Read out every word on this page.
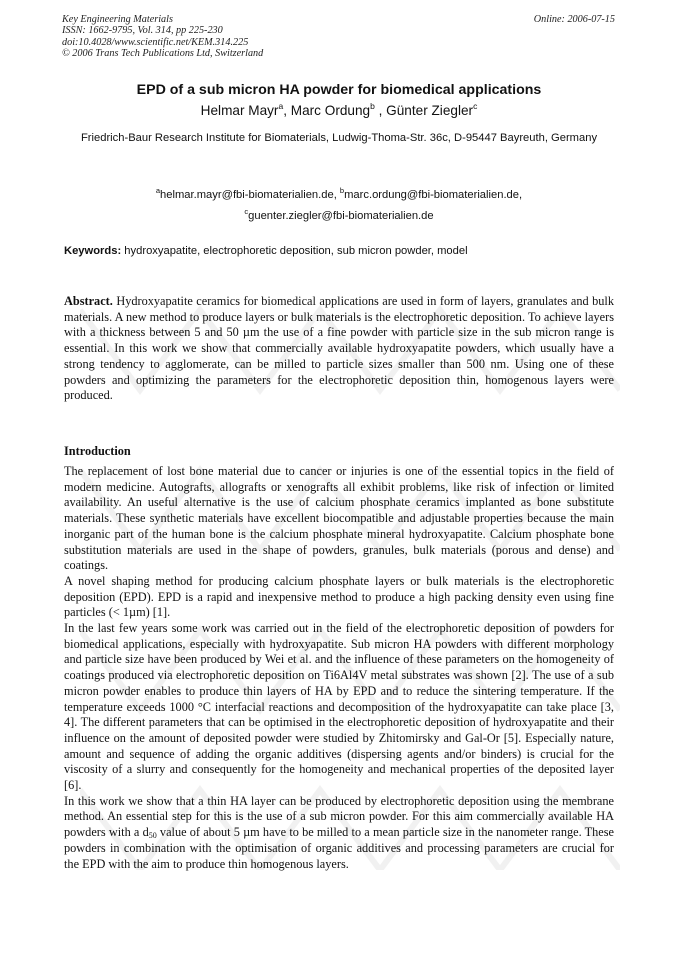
Key Engineering Materials
ISSN: 1662-9795, Vol. 314, pp 225-230
doi:10.4028/www.scientific.net/KEM.314.225
© 2006 Trans Tech Publications Ltd, Switzerland
Online: 2006-07-15
EPD of a sub micron HA powder for biomedical applications
Helmar Mayr$^a$, Marc Ordung$^b$ , Günter Ziegler$^c$
Friedrich-Baur Research Institute for Biomaterials, Ludwig-Thoma-Str. 36c, D-95447 Bayreuth, Germany
$^a$helmar.mayr@fbi-biomaterialien.de, $^b$marc.ordung@fbi-biomaterialien.de,
$^c$guenter.ziegler@fbi-biomaterialien.de
Keywords: hydroxyapatite, electrophoretic deposition, sub micron powder, model

Abstract. Hydroxyapatite ceramics for biomedical applications are used in form of layers, granulates and bulk materials. A new method to produce layers or bulk materials is the electrophoretic deposition. To achieve layers with a thickness between 5 and 50 µm the use of a fine powder with particle size in the sub micron range is essential. In this work we show that commercially available hydroxyapatite powders, which usually have a strong tendency to agglomerate, can be milled to particle sizes smaller than 500 nm. Using one of these powders and optimizing the parameters for the electrophoretic deposition thin, homogenous layers were produced.

Introduction

The replacement of lost bone material due to cancer or injuries is one of the essential topics in the field of modern medicine. Autografts, allografts or xenografts all exhibit problems, like risk of infection or limited availability. An useful alternative is the use of calcium phosphate ceramics implanted as bone substitute materials. These synthetic materials have excellent biocompatible and adjustable properties because the main inorganic part of the human bone is the calcium phosphate mineral hydroxyapatite. Calcium phosphate bone substitution materials are used in the shape of powders, granules, bulk materials (porous and dense) and coatings.

A novel shaping method for producing calcium phosphate layers or bulk materials is the electrophoretic deposition (EPD). EPD is a rapid and inexpensive method to produce a high packing density even using fine particles (< 1µm) [1].

In the last few years some work was carried out in the field of the electrophoretic deposition of powders for biomedical applications, especially with hydroxyapatite. Sub micron HA powders with different morphology and particle size have been produced by Wei et al. and the influence of these parameters on the homogeneity of coatings produced via electrophoretic deposition on Ti6Al4V metal substrates was shown [2]. The use of a sub micron powder enables to produce thin layers of HA by EPD and to reduce the sintering temperature. If the temperature exceeds 1000 °C interfacial reactions and decomposition of the hydroxyapatite can take place [3, 4]. The different parameters that can be optimised in the electrophoretic deposition of hydroxyapatite and their influence on the amount of deposited powder were studied by Zhitomirsky and Gal-Or [5]. Especially nature, amount and sequence of adding the organic additives (dispersing agents and/or binders) is crucial for the viscosity of a slurry and consequently for the homogeneity and mechanical properties of the deposited layer [6].

In this work we show that a thin HA layer can be produced by electrophoretic deposition using the membrane method. An essential step for this is the use of a sub micron powder. For this aim commercially available HA powders with a $d_{50}$ value of about 5 µm have to be milled to a mean particle size in the nanometer range. These powders in combination with the optimisation of organic additives and processing parameters are crucial for the EPD with the aim to produce thin homogenous layers.
